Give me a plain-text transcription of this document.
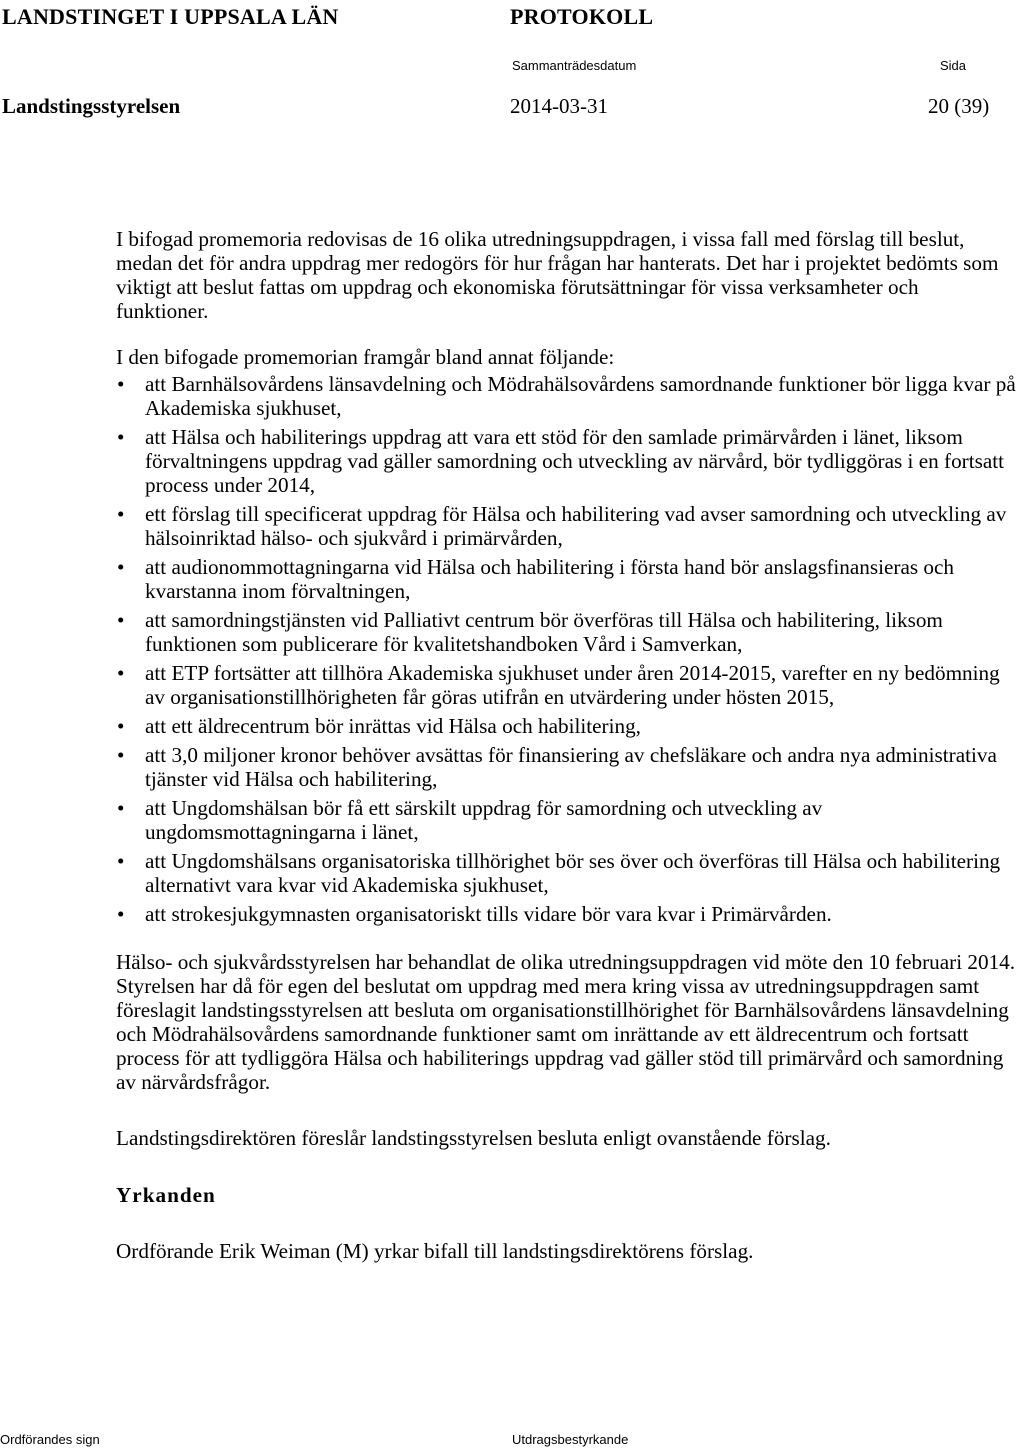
LANDSTINGET I UPPSALA LÄN	PROTOKOLL
Sammanträdesdatum	Sida
Landstingsstyrelsen	2014-03-31	20 (39)

I bifogad promemoria redovisas de 16 olika utredningsuppdragen, i vissa fall med förslag till beslut, medan det för andra uppdrag mer redogörs för hur frågan har hanterats. Det har i projektet bedömts som viktigt att beslut fattas om uppdrag och ekonomiska förutsättningar för vissa verksamheter och funktioner.

I den bifogade promemorian framgår bland annat följande:

• att Barnhälsovårdens länsavdelning och Mödrahälsovårdens samordnande funktioner bör ligga kvar på Akademiska sjukhuset,
• att Hälsa och habiliterings uppdrag att vara ett stöd för den samlade primärvården i länet, liksom förvaltningens uppdrag vad gäller samordning och utveckling av närvård, bör tydliggöras i en fortsatt process under 2014,
• ett förslag till specificerat uppdrag för Hälsa och habilitering vad avser samordning och utveckling av hälsoinriktad hälso- och sjukvård i primärvården,
• att audionommottagningarna vid Hälsa och habilitering i första hand bör anslagsfinansieras och kvarstanna inom förvaltningen,
• att samordningstjänsten vid Palliativt centrum bör överföras till Hälsa och habilitering, liksom funktionen som publicerare för kvalitetshandboken Vård i Samverkan,
• att ETP fortsätter att tillhöra Akademiska sjukhuset under åren 2014-2015, varefter en ny bedömning av organisationstillhörigheten får göras utifrån en utvärdering under hösten 2015,
• att ett äldrecentrum bör inrättas vid Hälsa och habilitering,
• att 3,0 miljoner kronor behöver avsättas för finansiering av chefsläkare och andra nya administrativa tjänster vid Hälsa och habilitering,
• att Ungdomshälsan bör få ett särskilt uppdrag för samordning och utveckling av ungdomsmottagningarna i länet,
• att Ungdomshälsans organisatoriska tillhörighet bör ses över och överföras till Hälsa och habilitering alternativt vara kvar vid Akademiska sjukhuset,
• att strokesjukgymnasten organisatoriskt tills vidare bör vara kvar i Primärvården.

Hälso- och sjukvårdsstyrelsen har behandlat de olika utredningsuppdragen vid möte den 10 februari 2014. Styrelsen har då för egen del beslutat om uppdrag med mera kring vissa av utredningsuppdragen samt föreslagit landstingsstyrelsen att besluta om organisationstillhörighet för Barnhälsovårdens länsavdelning och Mödrahälsovårdens samordnande funktioner samt om inrättande av ett äldrecentrum och fortsatt process för att tydliggöra Hälsa och habiliterings uppdrag vad gäller stöd till primärvård och samordning av närvårdsfrågor.

Landstingsdirektören föreslår landstingsstyrelsen besluta enligt ovanstående förslag.

Yrkanden

Ordförande Erik Weiman (M) yrkar bifall till landstingsdirektörens förslag.

Ordförandes sign	Utdragsbestyrkande
